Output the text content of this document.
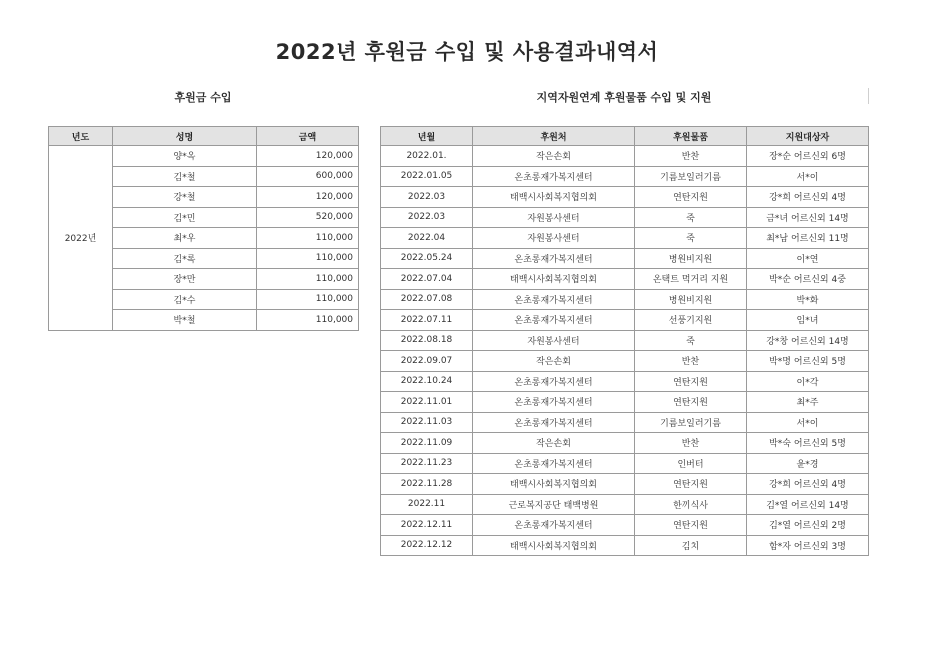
2022년 후원금 수입 및 사용결과내역서
후원금 수입	지역자원연계 후원물품 수입 및 지원
년도	성명	금액
2022년	양*옥	120,000
	김*철	600,000
	강*철	120,000
	김*민	520,000
	최*우	110,000
	김*록	110,000
	장*만	110,000
	김*수	110,000
	박*철	110,000
년월	후원처	후원물품	지원대상자
2022.01.	작은손회	반찬	장*순 어르신외 6명
2022.01.05	온초롱재가복지센터	기름보일러기름	서*이
2022.03	태백시사회복지협의회	연탄지원	강*희 어르신외 4명
2022.03	자원봉사센터	죽	금*녀 어르신외 14명
2022.04	자원봉사센터	죽	최*남 어르신외 11명
2022.05.24	온초롱재가복지센터	병원비지원	이*연
2022.07.04	태백시사회복지협의회	온택트 먹거리 지원	박*순 어르신외 4중
2022.07.08	온초롱재가복지센터	병원비지원	박*화
2022.07.11	온초롱재가복지센터	선풍기지원	임*녀
2022.08.18	자원봉사센터	죽	강*창 어르신외 14명
2022.09.07	작은손회	반찬	박*명 어르신외 5명
2022.10.24	온초롱재가복지센터	연탄지원	이*각
2022.11.01	온초롱재가복지센터	연탄지원	최*주
2022.11.03	온초롱재가복지센터	기름보일러기름	서*이
2022.11.09	작은손회	반찬	박*숙 어르신외 5명
2022.11.23	온초롱재가복지센터	인버터	윤*경
2022.11.28	태백시사회복지협의회	연탄지원	강*희 어르신외 4명
2022.11	근로복지공단 태백병원	한끼식사	김*열 어르신외 14명
2022.12.11	온초롱재가복지센터	연탄지원	김*열 어르신외 2명
2022.12.12	태백시사회복지협의회	김치	함*자 어르신외 3명
